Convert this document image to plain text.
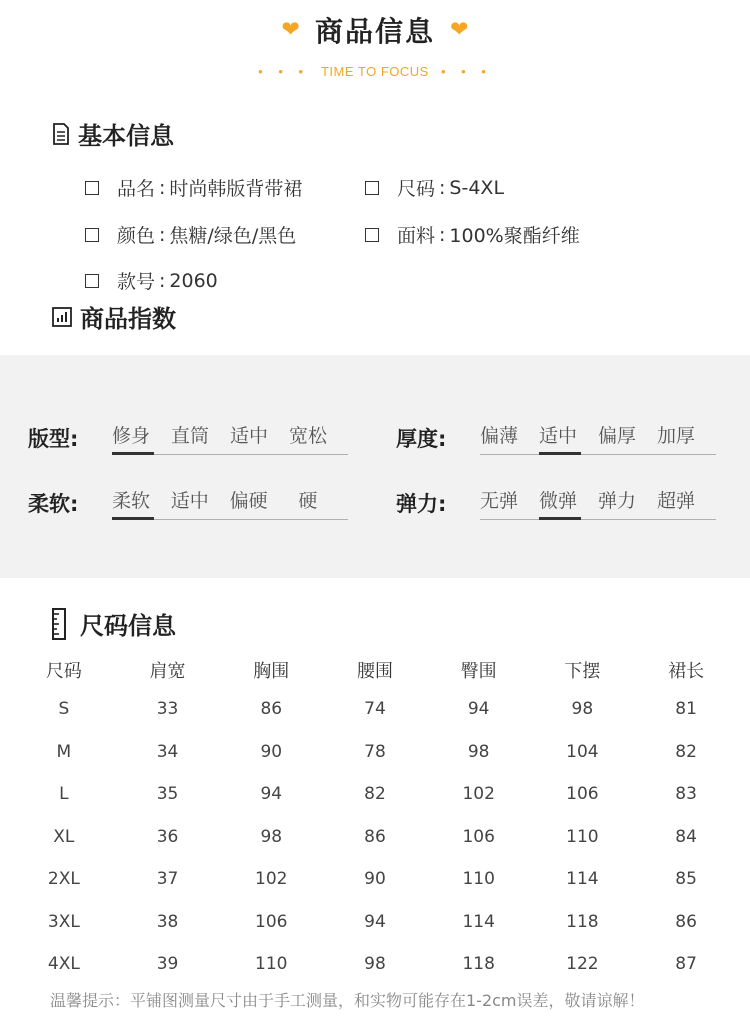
❤ 商品信息 ❤
• • • TIME TO FOCUS • • •
基本信息
品名 : 时尚韩版背带裙	尺码 : S-4XL
颜色 : 焦糖/绿色/黑色	面料 : 100%聚酯纤维
款号 : 2060
商品指数
版型: 修身	直筒	适中	宽松	厚度: 偏薄	适中	偏厚	加厚
柔软: 柔软	适中	偏硬	硬	弹力: 无弹	微弹	弹力	超弹
尺码信息
尺码	肩宽	胸围	腰围	臀围	下摆	裙长
S	33	86	74	94	98	81
M	34	90	78	98	104	82
L	35	94	82	102	106	83
XL	36	98	86	106	110	84
2XL	37	102	90	110	114	85
3XL	38	106	94	114	118	86
4XL	39	110	98	118	122	87
温馨提示：平铺图测量尺寸由于手工测量，和实物可能存在1-2cm误差，敬请谅解！
